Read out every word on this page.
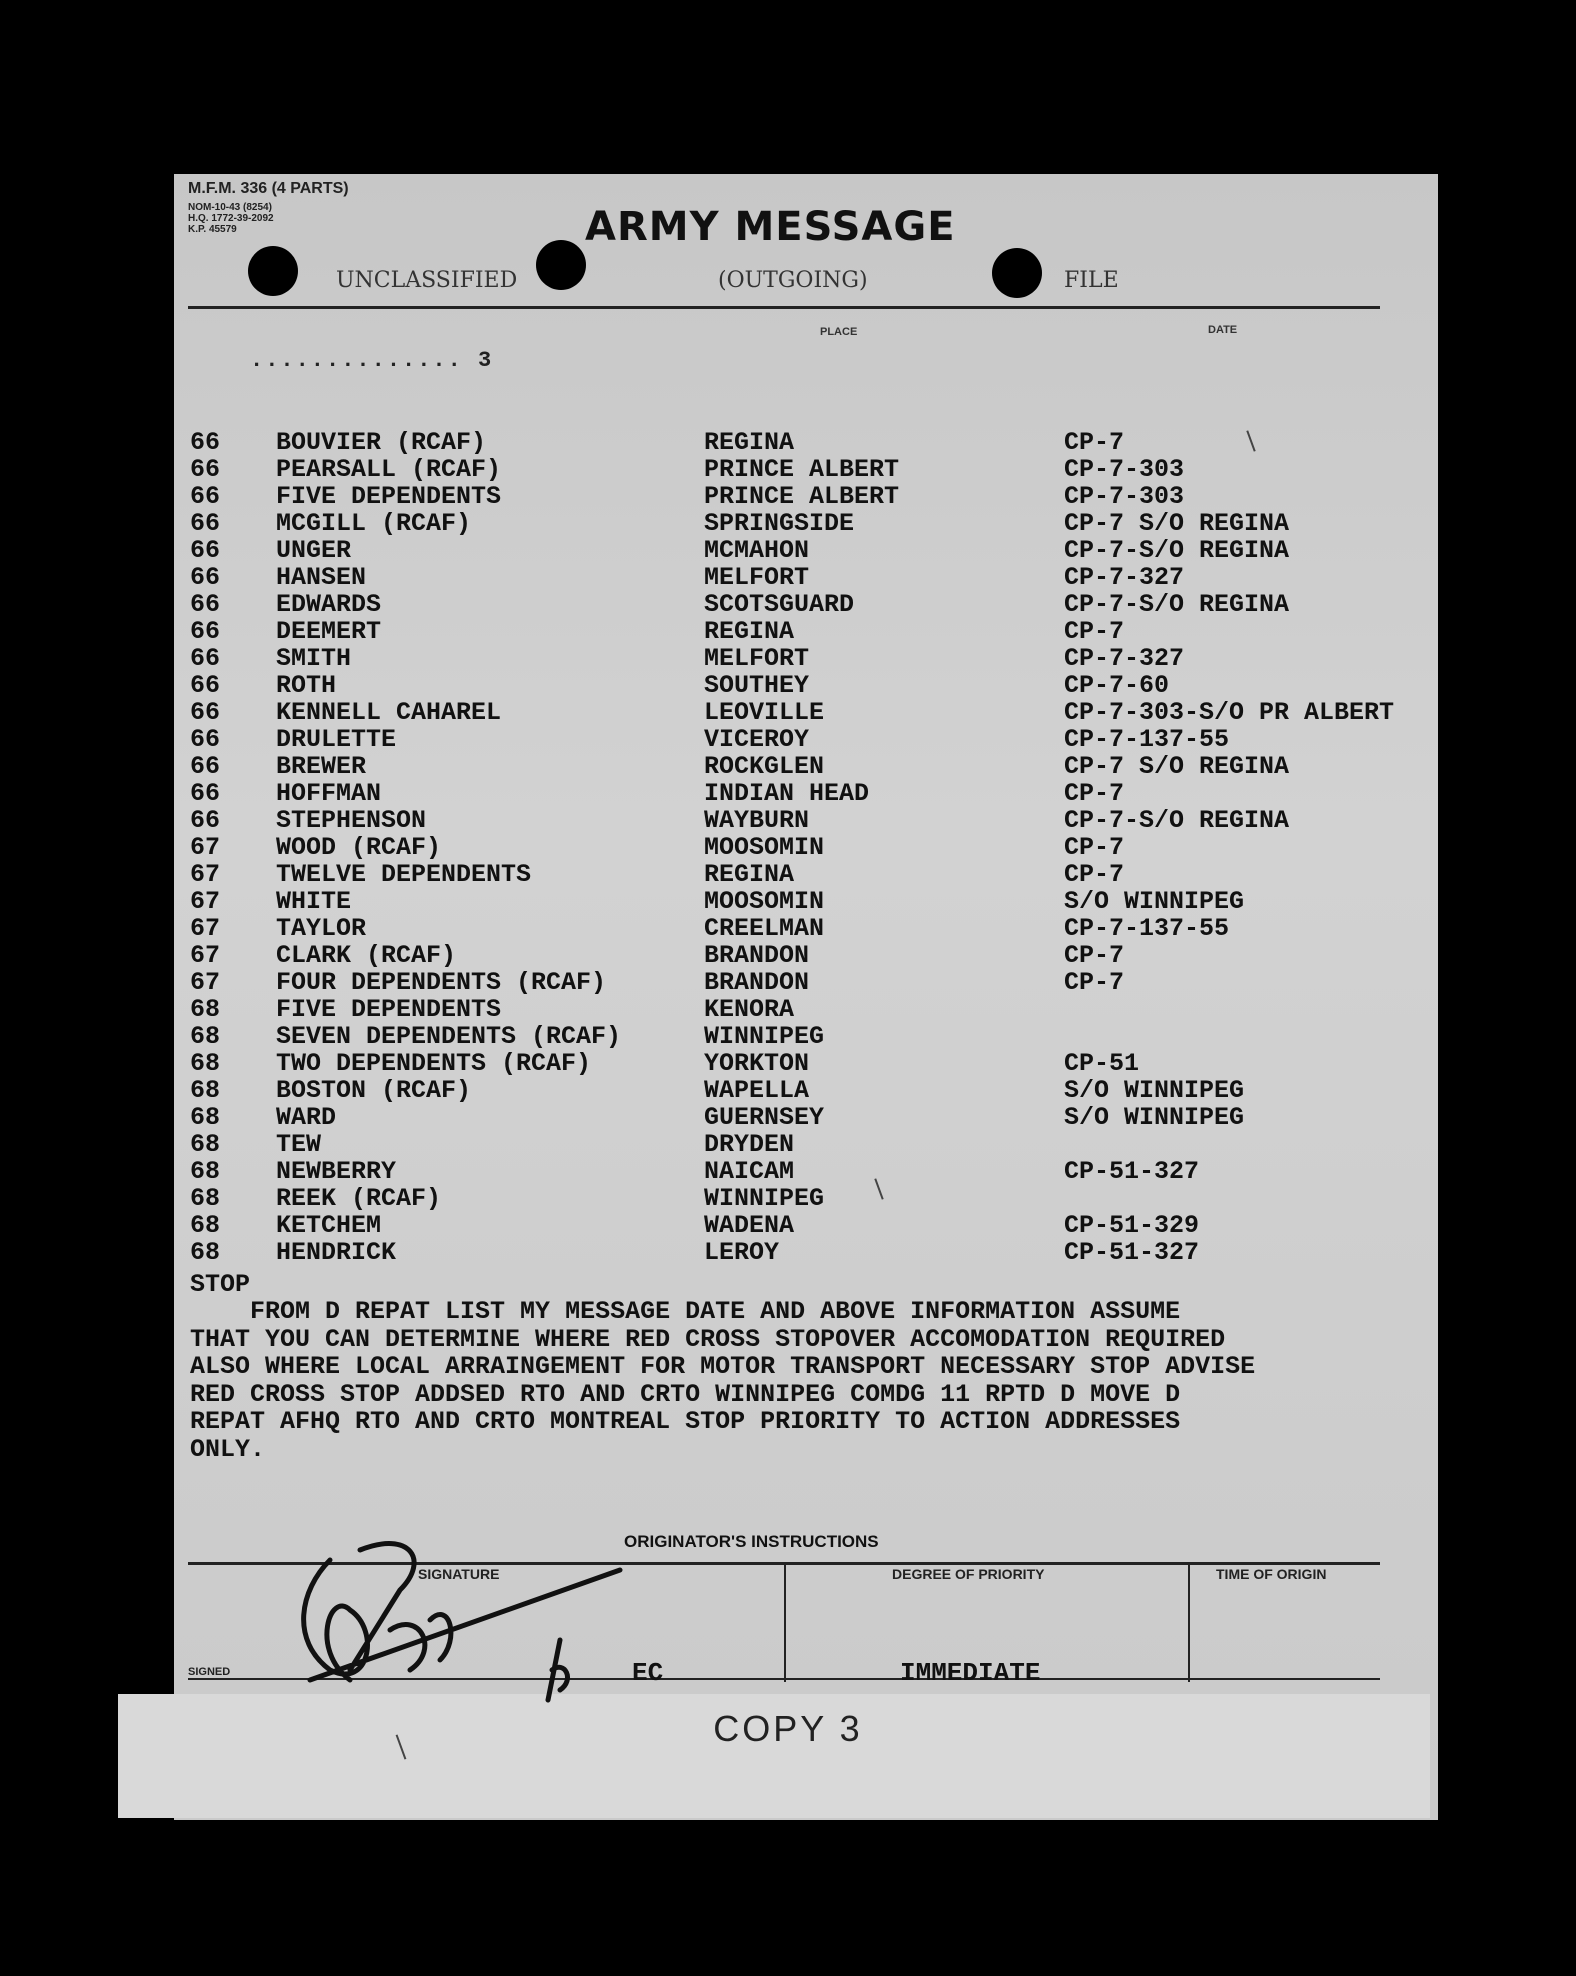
M.F.M. 336 (4 PARTS)
NOM-10-43 (8254)
H.Q. 1772-39-2092
K.P. 45579	ARMY MESSAGE
UNCLASSIFIED	(OUTGOING)	FILE
PLACE	DATE
.............. 3
66 BOUVIER (RCAF)	REGINA	CP-7
66 PEARSALL (RCAF)	PRINCE ALBERT	CP-7-303
66 FIVE DEPENDENTS	PRINCE ALBERT	CP-7-303
66 MCGILL (RCAF)	SPRINGSIDE	CP-7 S/O REGINA
66 UNGER	MCMAHON	CP-7-S/O REGINA
66 HANSEN	MELFORT	CP-7-327
66 EDWARDS	SCOTSGUARD	CP-7-S/O REGINA
66 DEEMERT	REGINA	CP-7
66 SMITH	MELFORT	CP-7-327
66 ROTH	SOUTHEY	CP-7-60
66 KENNELL CAHAREL	LEOVILLE	CP-7-303-S/O PR ALBERT
66 DRULETTE	VICEROY	CP-7-137-55
66 BREWER	ROCKGLEN	CP-7 S/O REGINA
66 HOFFMAN	INDIAN HEAD	CP-7
66 STEPHENSON	WAYBURN	CP-7-S/O REGINA
67 WOOD (RCAF)	MOOSOMIN	CP-7
67 TWELVE DEPENDENTS	REGINA	CP-7
67 WHITE	MOOSOMIN	S/O WINNIPEG
67 TAYLOR	CREELMAN	CP-7-137-55
67 CLARK (RCAF)	BRANDON	CP-7
67 FOUR DEPENDENTS (RCAF)	BRANDON	CP-7
68 FIVE DEPENDENTS	KENORA
68 SEVEN DEPENDENTS (RCAF)	WINNIPEG
68 TWO DEPENDENTS (RCAF)	YORKTON	CP-51
68 BOSTON (RCAF)	WAPELLA	S/O WINNIPEG
68 WARD	GUERNSEY	S/O WINNIPEG
68 TEW	DRYDEN
68 NEWBERRY	NAICAM	CP-51-327
68 REEK (RCAF)	WINNIPEG
68 KETCHEM	WADENA	CP-51-329
68 HENDRICK	LEROY	CP-51-327
STOP
FROM D REPAT LIST MY MESSAGE DATE AND ABOVE INFORMATION ASSUME
THAT YOU CAN DETERMINE WHERE RED CROSS STOPOVER ACCOMODATION REQUIRED
ALSO WHERE LOCAL ARRAINGEMENT FOR MOTOR TRANSPORT NECESSARY STOP ADVISE
RED CROSS STOP ADDSED RTO AND CRTO WINNIPEG COMDG 11 RPTD D MOVE D
REPAT AFHQ RTO AND CRTO MONTREAL STOP PRIORITY TO ACTION ADDRESSES
ONLY.
ORIGINATOR'S INSTRUCTIONS
SIGNATURE	DEGREE OF PRIORITY	TIME OF ORIGIN
SIGNED	EC	IMMEDIATE
COPY 3
